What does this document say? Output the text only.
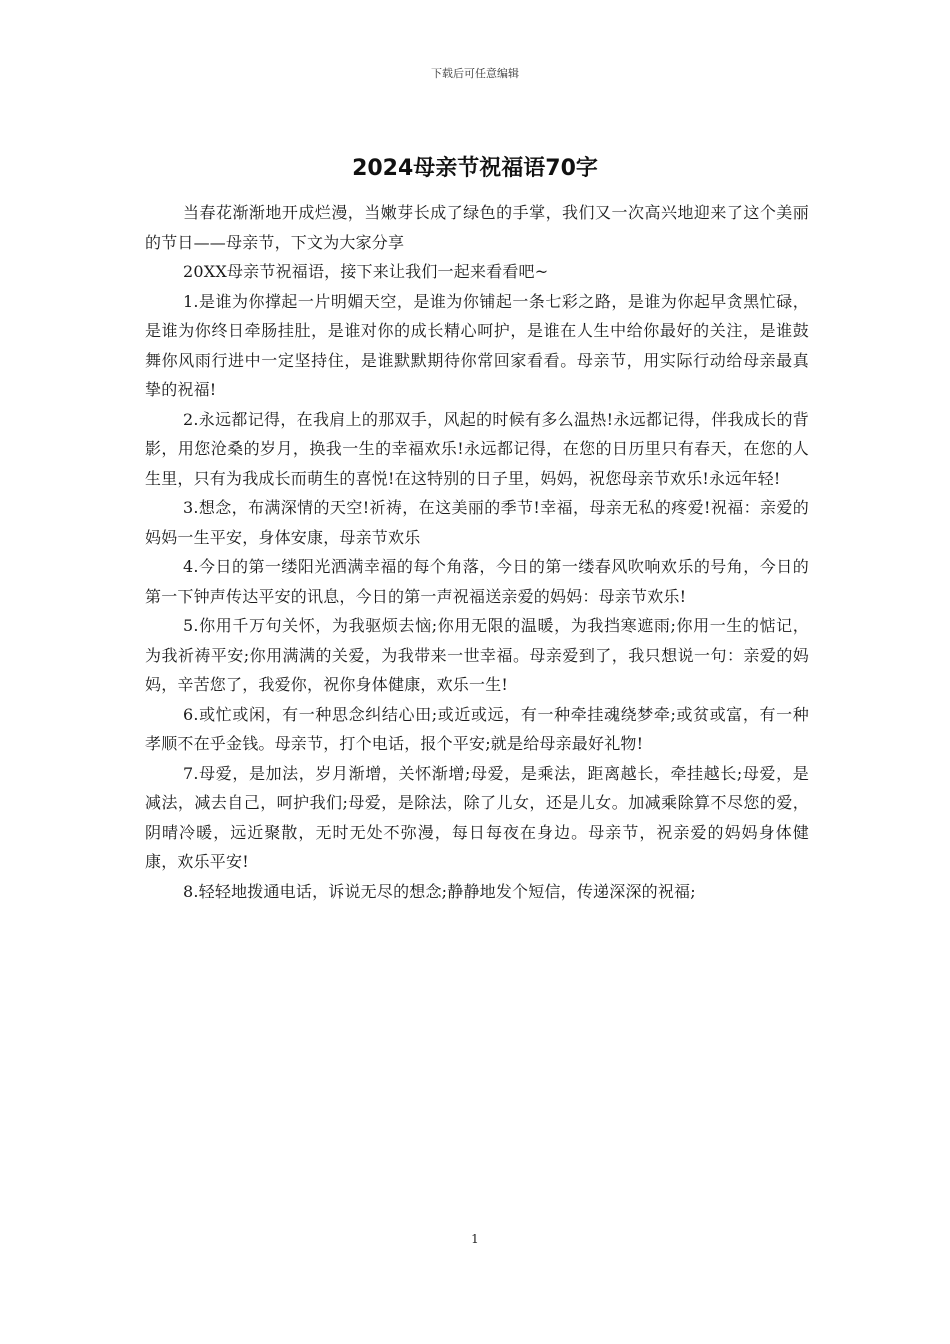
下载后可任意编辑
2024母亲节祝福语70字

当春花渐渐地开成烂漫，当嫩芽长成了绿色的手掌，我们又一次高兴地迎来了这个美丽的节日——母亲节，下文为大家分享

20XX母亲节祝福语，接下来让我们一起来看看吧~

1.是谁为你撑起一片明媚天空，是谁为你铺起一条七彩之路，是谁为你起早贪黑忙碌，是谁为你终日牵肠挂肚，是谁对你的成长精心呵护，是谁在人生中给你最好的关注，是谁鼓舞你风雨行进中一定坚持住，是谁默默期待你常回家看看。母亲节，用实际行动给母亲最真挚的祝福!

2.永远都记得，在我肩上的那双手，风起的时候有多么温热!永远都记得，伴我成长的背影，用您沧桑的岁月，换我一生的幸福欢乐!永远都记得，在您的日历里只有春天，在您的人生里，只有为我成长而萌生的喜悦!在这特别的日子里，妈妈，祝您母亲节欢乐!永远年轻!

3.想念，布满深情的天空!祈祷，在这美丽的季节!幸福，母亲无私的疼爱!祝福：亲爱的妈妈一生平安，身体安康，母亲节欢乐

4.今日的第一缕阳光洒满幸福的每个角落，今日的第一缕春风吹响欢乐的号角，今日的第一下钟声传达平安的讯息，今日的第一声祝福送亲爱的妈妈：母亲节欢乐!

5.你用千万句关怀，为我驱烦去恼;你用无限的温暖，为我挡寒遮雨;你用一生的惦记，为我祈祷平安;你用满满的关爱，为我带来一世幸福。母亲爱到了，我只想说一句：亲爱的妈妈，辛苦您了，我爱你，祝你身体健康，欢乐一生!

6.或忙或闲，有一种思念纠结心田;或近或远，有一种牵挂魂绕梦牵;或贫或富，有一种孝顺不在乎金钱。母亲节，打个电话，报个平安;就是给母亲最好礼物!

7.母爱，是加法，岁月渐增，关怀渐增;母爱，是乘法，距离越长，牵挂越长;母爱，是减法，减去自己，呵护我们;母爱，是除法，除了儿女，还是儿女。加减乘除算不尽您的爱，阴晴冷暖，远近聚散，无时无处不弥漫，每日每夜在身边。母亲节，祝亲爱的妈妈身体健康，欢乐平安!

8.轻轻地拨通电话，诉说无尽的想念;静静地发个短信，传递深深的祝福;

1
